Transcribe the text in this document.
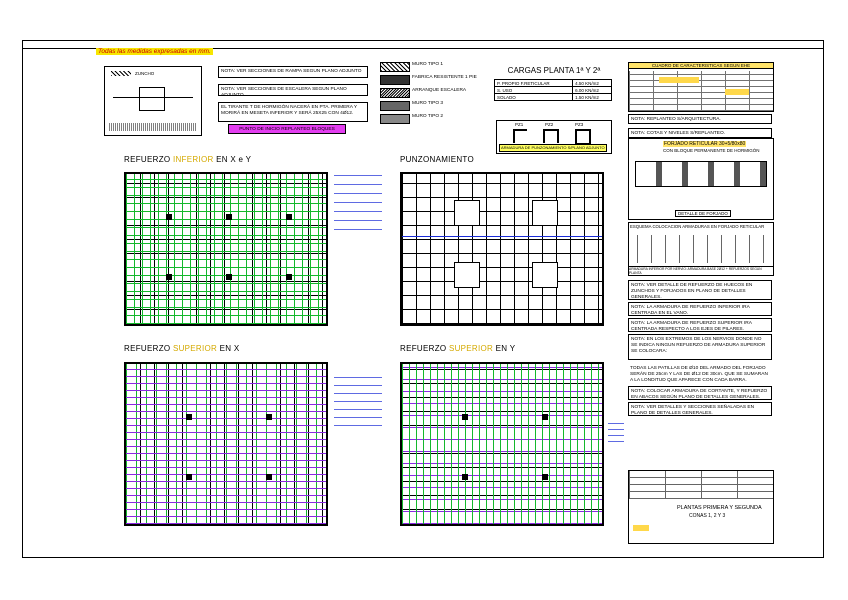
Todas las medidas expresadas en mm.
ZUNCHO	NOTA: VER SECCIONES DE RAMPA SEGUN PLANO ADJUNTO
NOTA: VER SECCIONES DE ESCALERA SEGUN PLANO ADJUNTO
EL TIRANTE T DE HORMIGÓN NACERÁ EN PTA. PRIMERA Y MORIRÁ EN MESETA INFERIOR Y SERÁ 25X25 CON 4Ø12.
PUNTO DE INICIO REPLANTEO BLOQUES
MURO TIPO 1
FABRICA RESISTENTE 1 PIE
ARRANQUE ESCALERA
MURO TIPO 3
MURO TIPO 2
CARGAS PLANTA 1ª Y 2ª
P. PROPIO F.RETICULAR	4.50 KN/m2
S. USO	6.00 KN/m2
SOLADO	1.50 KN/m2
PZ1	PZ2	PZ3
ARMADURA DE PUNZONAMIENTO S/PLANO ADJUNTO
CUADRO DE CARACTERISTICAS SEGUN EHE
NOTA: REPLANTEO S/ARQUITECTURA.
NOTA: COTAS Y NIVELES S/REPLANTEO.
FORJADO RETICULAR 30+5/80x80
CON BLOQUE PERMANENTE DE HORMIGÓN
DETALLE DE FORJADO
ESQUEMA COLOCACION ARMADURAS EN FORJADO RETICULAR
ARMADURA INFERIOR POR NERVIO: ARMADURA BASE 2Ø12 + REFUERZOS SEGUN PLANTA
NOTA: VER DETALLE DE REFUERZO DE HUECOS EN ZUNCHOS Y FORJADOS EN PLANO DE DETALLES GENERALES.
NOTA: LA ARMADURA DE REFUERZO INFERIOR IRA CENTRADA EN EL VANO.
NOTA: LA ARMADURA DE REFUERZO SUPERIOR IRA CENTRADA RESPECTO A LOS EJES DE PILARES.
NOTA: EN LOS EXTREMOS DE LOS NERVIOS DONDE NO SE INDICA NINGUN REFUERZO DE ARMADURA SUPERIOR SE COLOCARA:
TODAS LAS PATILLAS DE Ø10 DEL ARMADO DEL FORJADO SERÁN DE 25cm Y LAS DE Ø12 DE 30cm. QUE SE SUMARAN A LA LONDITUD QUE APARECE CON CADA BARRA.
NOTA: COLOCAR ARMADURA DE CORTANTE, Y REFUERZO EN ABACOS SEGÚN PLANO DE DETALLES GENERALES.
NOTA: VER DETALLES Y SECCIONES SEÑALADAS EN PLANO DE DETALLES GENERALES.
PLANTAS PRIMERA Y SEGUNDA
CONAS 1, 2 Y 3
REFUERZO INFERIOR EN X e Y	PUNZONAMIENTO
REFUERZO SUPERIOR EN X	REFUERZO SUPERIOR EN Y
